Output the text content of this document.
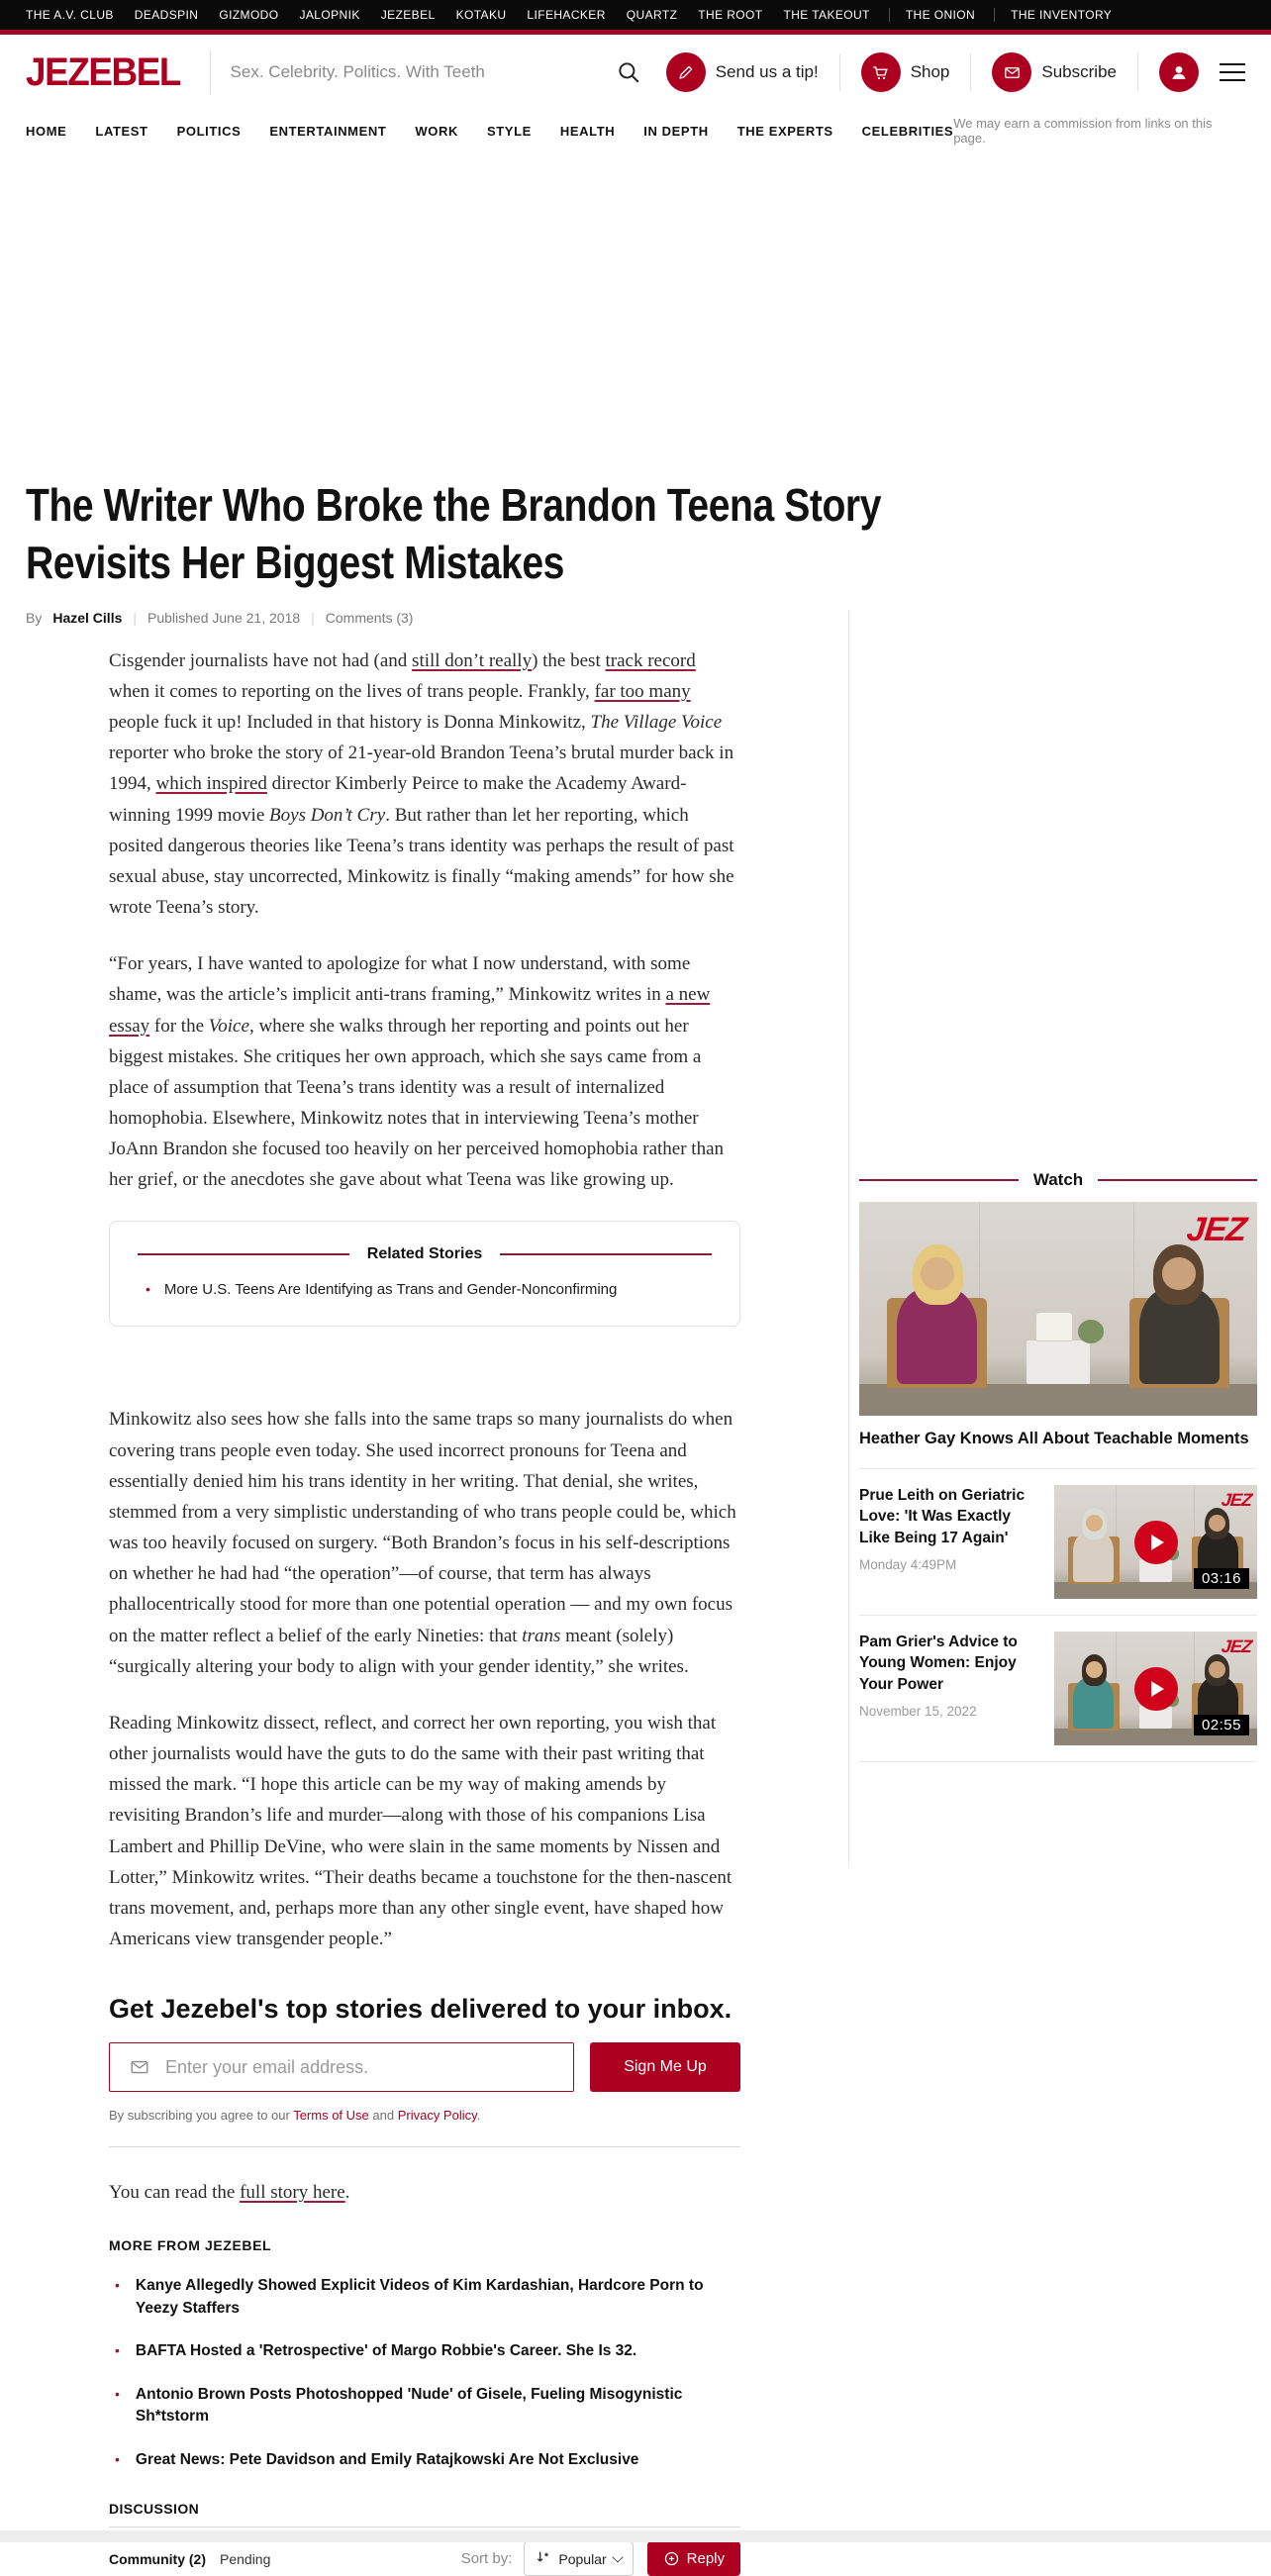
THE A.V. CLUB DEADSPIN GIZMODO JALOPNIK JEZEBEL KOTAKU LIFEHACKER QUARTZ THE ROOT THE TAKEOUT	THE ONION	THE INVENTORY
JEZEBEL	Sex. Celebrity. Politics. With Teeth	Send us a tip!	Shop	Subscribe
HOME LATEST POLITICS ENTERTAINMENT WORK STYLE HEALTH IN DEPTH THE EXPERTS CELEBRITIES We may earn a commission from links on this page.
The Writer Who Broke the Brandon Teena Story Revisits Her Biggest Mistakes
By Hazel Cills | Published June 21, 2018 | Comments (3)

Cisgender journalists have not had (and still don’t really) the best track record when it comes to reporting on the lives of trans people. Frankly, far too many people fuck it up! Included in that history is Donna Minkowitz, The Village Voice reporter who broke the story of 21-year-old Brandon Teena’s brutal murder back in 1994, which inspired director Kimberly Peirce to make the Academy Award-winning 1999 movie Boys Don’t Cry. But rather than let her reporting, which posited dangerous theories like Teena’s trans identity was perhaps the result of past sexual abuse, stay uncorrected, Minkowitz is finally “making amends” for how she wrote Teena’s story.

“For years, I have wanted to apologize for what I now understand, with some shame, was the article’s implicit anti-trans framing,” Minkowitz writes in a new essay for the Voice, where she walks through her reporting and points out her biggest mistakes. She critiques her own approach, which she says came from a place of assumption that Teena’s trans identity was a result of internalized homophobia. Elsewhere, Minkowitz notes that in interviewing Teena’s mother JoAnn Brandon she focused too heavily on her perceived homophobia rather than her grief, or the anecdotes she gave about what Teena was like growing up.

Related Stories
• More U.S. Teens Are Identifying as Trans and Gender-Nonconfirming

Minkowitz also sees how she falls into the same traps so many journalists do when covering trans people even today. She used incorrect pronouns for Teena and essentially denied him his trans identity in her writing. That denial, she writes, stemmed from a very simplistic understanding of who trans people could be, which was too heavily focused on surgery. “Both Brandon’s focus in his self-descriptions on whether he had had “the operation”—of course, that term has always phallocentrically stood for more than one potential operation — and my own focus on the matter reflect a belief of the early Nineties: that trans meant (solely) “surgically altering your body to align with your gender identity,” she writes.

Reading Minkowitz dissect, reflect, and correct her own reporting, you wish that other journalists would have the guts to do the same with their past writing that missed the mark. “I hope this article can be my way of making amends by revisiting Brandon’s life and murder—along with those of his companions Lisa Lambert and Phillip DeVine, who were slain in the same moments by Nissen and Lotter,” Minkowitz writes. “Their deaths became a touchstone for the then-nascent trans movement, and, perhaps more than any other single event, have shaped how Americans view transgender people.”

Get Jezebel's top stories delivered to your inbox.
Enter your email address.
Sign Me Up
By subscribing you agree to our Terms of Use and Privacy Policy.

You can read the full story here.

MORE FROM JEZEBEL
• Kanye Allegedly Showed Explicit Videos of Kim Kardashian, Hardcore Porn to Yeezy Staffers
• BAFTA Hosted a 'Retrospective' of Margo Robbie's Career. She Is 32.
• Antonio Brown Posts Photoshopped 'Nude' of Gisele, Fueling Misogynistic Sh*tstorm
• Great News: Pete Davidson and Emily Ratajkowski Are Not Exclusive
DISCUSSION
Community (2) Pending	Sort by:	Popular	Reply
Watch
JEZ
Heather Gay Knows All About Teachable Moments
Prue Leith on Geriatric Love: 'It Was Exactly Like Being 17 Again'
Monday 4:49PM
JEZ
03:16
Pam Grier's Advice to Young Women: Enjoy Your Power
November 15, 2022
JEZ
02:55
